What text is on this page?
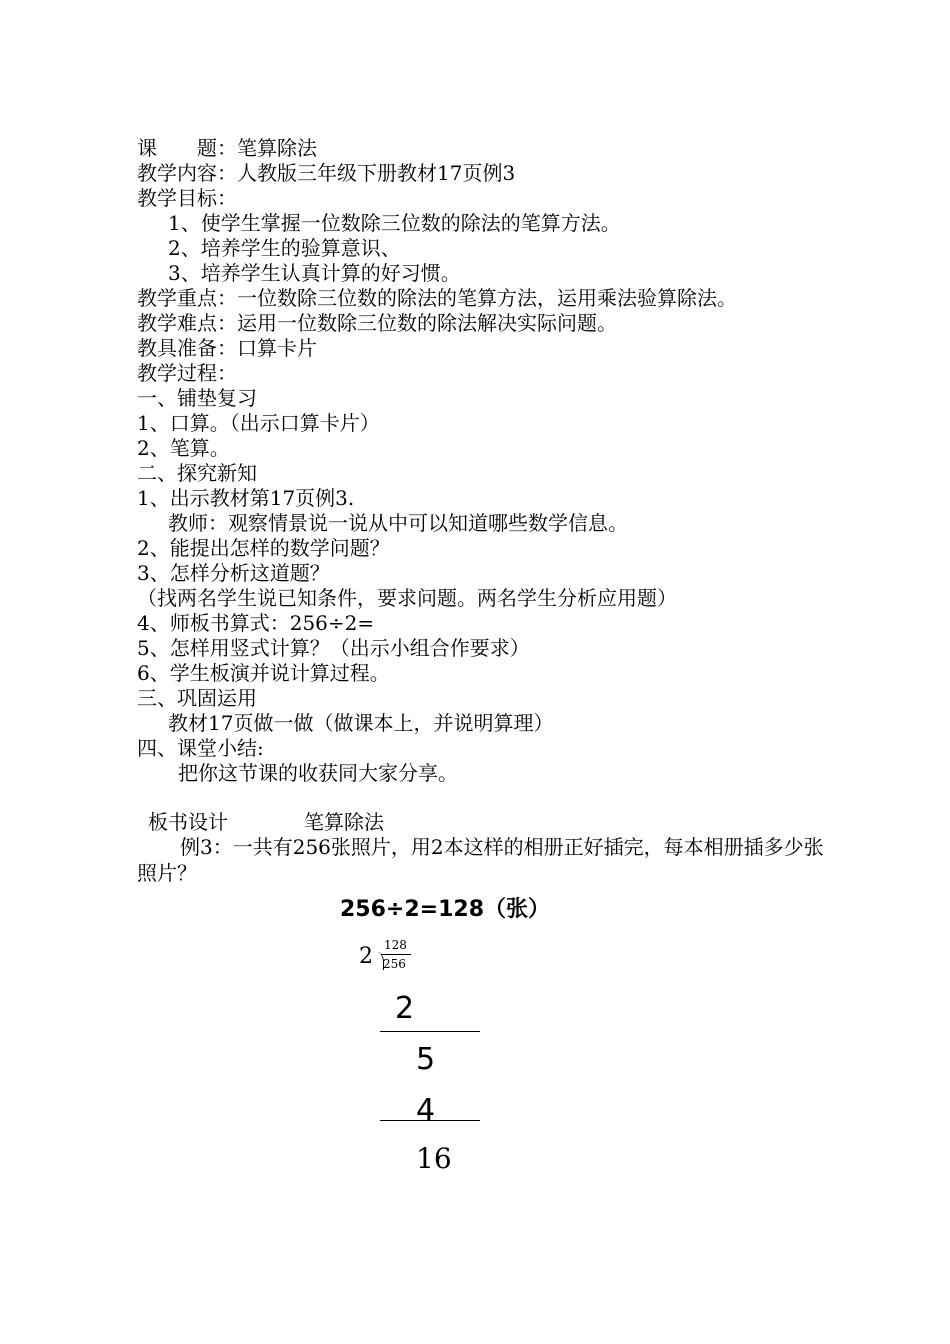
课　　题：笔算除法
教学内容：人教版三年级下册教材17页例3
教学目标：
1、使学生掌握一位数除三位数的除法的笔算方法。
2、培养学生的验算意识、
3、培养学生认真计算的好习惯。
教学重点：一位数除三位数的除法的笔算方法，运用乘法验算除法。
教学难点：运用一位数除三位数的除法解决实际问题。
教具准备：口算卡片
教学过程：
一、铺垫复习
1、口算。（出示口算卡片）
2、笔算。
二、探究新知
1、出示教材第17页例3.
教师：观察情景说一说从中可以知道哪些数学信息。
2、能提出怎样的数学问题？
3、怎样分析这道题？
（找两名学生说已知条件，要求问题。两名学生分析应用题）
4、师板书算式：256÷2=
5、怎样用竖式计算？（出示小组合作要求）
6、学生板演并说计算过程。
三、巩固运用
教材17页做一做（做课本上，并说明算理）
四、课堂小结:
把你这节课的收获同大家分享。
板书设计	笔算除法
例3：一共有256张照片，用2本这样的相册正好插完，每本相册插多少张照片？
256÷2=128（张）
2 128
256
2
5
4
16
